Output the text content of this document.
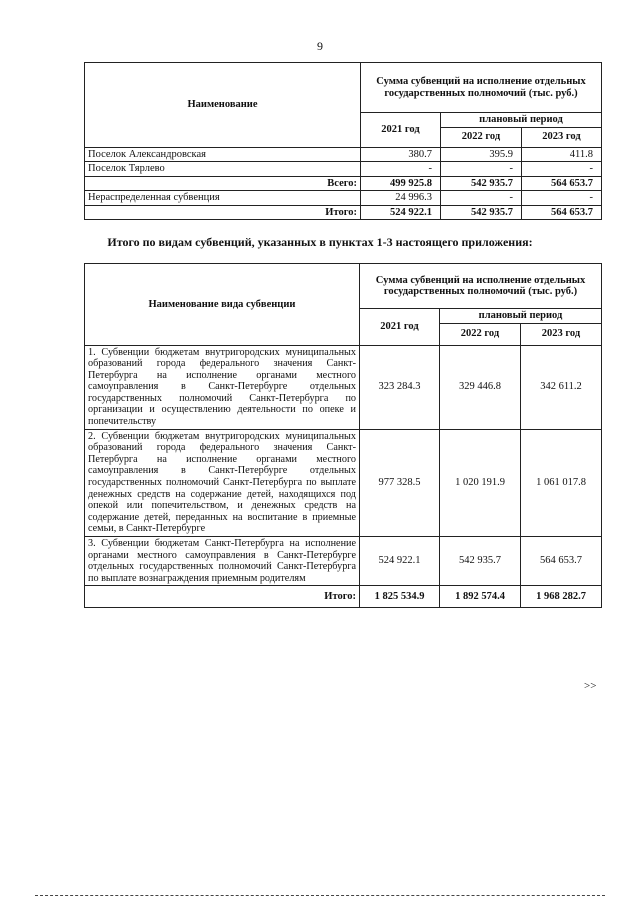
9
Наименование	Сумма субвенций на исполнение отдельных государственных полномочий (тыс. руб.)		
	2021 год	плановый период	
		2022 год	2023 год
Поселок Александровская	380.7	395.9	411.8
Поселок Тярлево	-	-	-
Всего:	499 925.8	542 935.7	564 653.7
Нераспределенная субвенция	24 996.3	-	-
Итого:	524 922.1	542 935.7	564 653.7
Итого по видам субвенций, указанных в пунктах 1-3 настоящего приложения:
Наименование вида субвенции	Сумма субвенций на исполнение отдельных государственных полномочий (тыс. руб.)		
	2021 год	плановый период	
		2022 год	2023 год
1. Субвенции бюджетам внутригородских муниципальных образований города федерального значения Санкт-Петербурга на исполнение органами местного самоуправления в Санкт-Петербурге отдельных государственных полномочий Санкт-Петербурга по организации и осуществлению деятельности по опеке и попечительству	323 284.3	329 446.8	342 611.2
2. Субвенции бюджетам внутригородских муниципальных образований города федерального значения Санкт-Петербурга на исполнение органами местного самоуправления в Санкт-Петербурге отдельных государственных полномочий Санкт-Петербурга по выплате денежных средств на содержание детей, находящихся под опекой или попечительством, и денежных средств на содержание детей, переданных на воспитание в приемные семьи, в Санкт-Петербурге	977 328.5	1 020 191.9	1 061 017.8
3. Субвенции бюджетам Санкт-Петербурга на исполнение органами местного самоуправления в Санкт-Петербурге отдельных государственных полномочий Санкт-Петербурга по выплате вознаграждения приемным родителям	524 922.1	542 935.7	564 653.7
Итого:	1 825 534.9	1 892 574.4	1 968 282.7
>>
